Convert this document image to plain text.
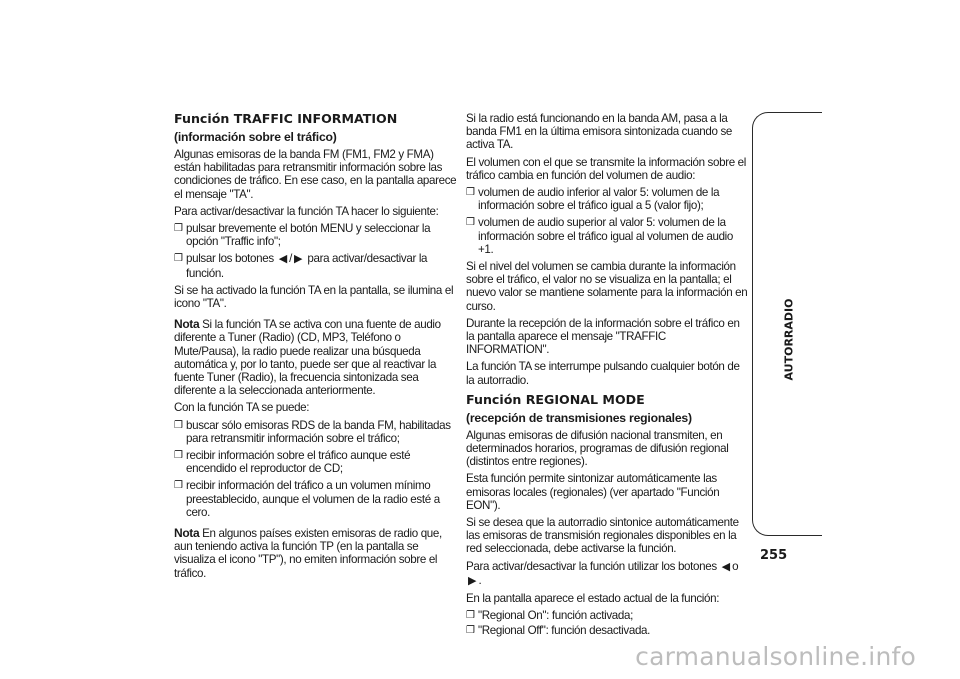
Función TRAFFIC INFORMATION

(información sobre el tráfico)

Algunas emisoras de la banda FM (FM1, FM2 y FMA) están habilitadas para retransmitir información sobre las condiciones de tráfico. En ese caso, en la pantalla aparece el mensaje "TA".

Para activar/desactivar la función TA hacer lo siguiente:

❒ pulsar brevemente el botón MENU y seleccionar la opción "Traffic info";
❒ pulsar los botones ◀ / ▶ para activar/desactivar la función.

Si se ha activado la función TA en la pantalla, se ilumina el icono "TA".

Nota Si la función TA se activa con una fuente de audio diferente a Tuner (Radio) (CD, MP3, Teléfono o Mute/Pausa), la radio puede realizar una búsqueda automática y, por lo tanto, puede ser que al reactivar la fuente Tuner (Radio), la frecuencia sintonizada sea diferente a la seleccionada anteriormente.

Con la función TA se puede:

❒ buscar sólo emisoras RDS de la banda FM, habilitadas para retransmitir información sobre el tráfico;
❒ recibir información sobre el tráfico aunque esté encendido el reproductor de CD;
❒ recibir información del tráfico a un volumen mínimo preestablecido, aunque el volumen de la radio esté a cero.

Nota En algunos países existen emisoras de radio que, aun teniendo activa la función TP (en la pantalla se visualiza el icono "TP"), no emiten información sobre el tráfico.

Si la radio está funcionando en la banda AM, pasa a la banda FM1 en la última emisora sintonizada cuando se activa TA.

El volumen con el que se transmite la información sobre el tráfico cambia en función del volumen de audio:

❒ volumen de audio inferior al valor 5: volumen de la información sobre el tráfico igual a 5 (valor fijo);
❒ volumen de audio superior al valor 5: volumen de la información sobre el tráfico igual al volumen de audio +1.

Si el nivel del volumen se cambia durante la información sobre el tráfico, el valor no se visualiza en la pantalla; el nuevo valor se mantiene solamente para la información en curso.

Durante la recepción de la información sobre el tráfico en la pantalla aparece el mensaje "TRAFFIC INFORMATION".

La función TA se interrumpe pulsando cualquier botón de la autorradio.

Función REGIONAL MODE

(recepción de transmisiones regionales)

Algunas emisoras de difusión nacional transmiten, en determinados horarios, programas de difusión regional (distintos entre regiones).

Esta función permite sintonizar automáticamente las emisoras locales (regionales) (ver apartado "Función EON").

Si se desea que la autorradio sintonice automáticamente las emisoras de transmisión regionales disponibles en la red seleccionada, debe activarse la función.

Para activar/desactivar la función utilizar los botones ◀ o▶ .

En la pantalla aparece el estado actual de la función:

❒ "Regional On": función activada;
❒ "Regional Off": función desactivada.
AUTORRADIO
255
carmanualsonline.info
